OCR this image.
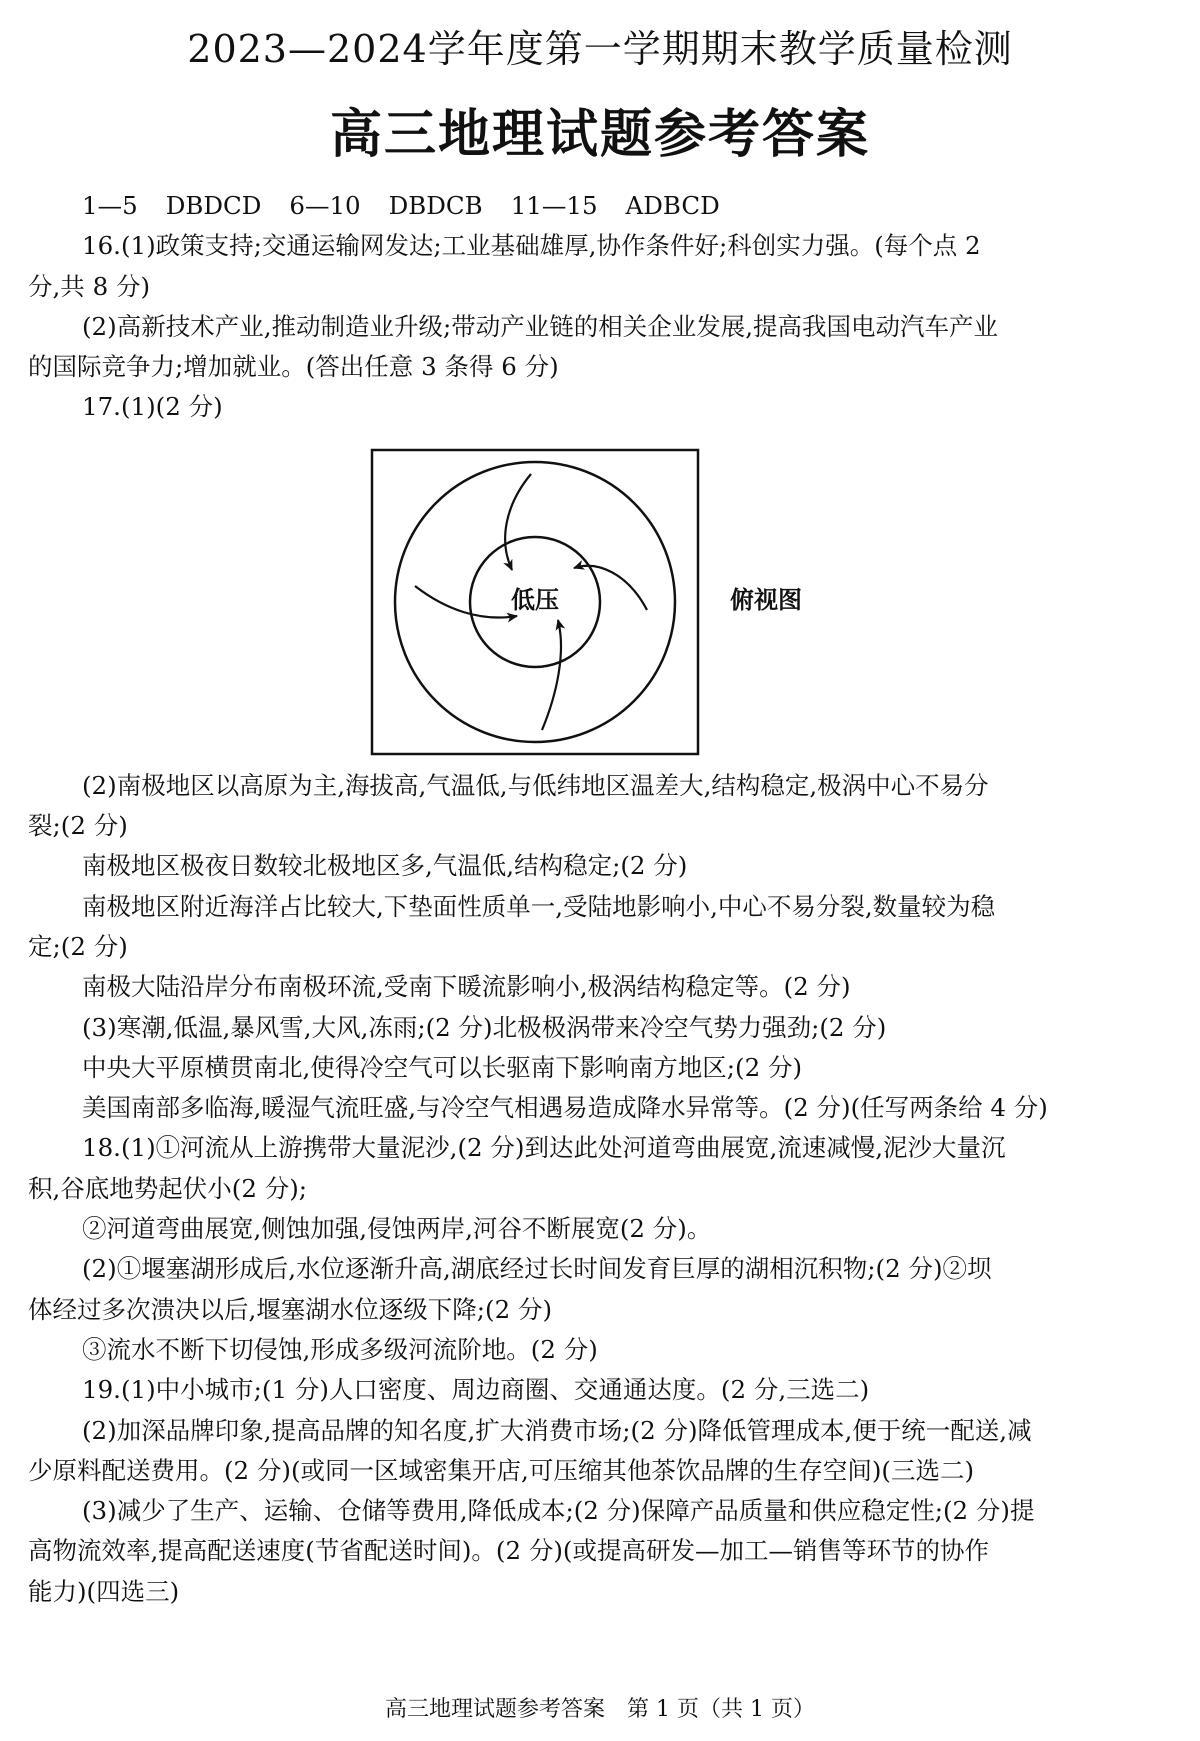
2023—2024学年度第一学期期末教学质量检测
高三地理试题参考答案
1—5 DBDCD 6—10 DBDCB 11—15 ADBCD
16.(1)政策支持;交通运输网发达;工业基础雄厚,协作条件好;科创实力强。(每个点 2
分,共 8 分)
(2)高新技术产业,推动制造业升级;带动产业链的相关企业发展,提高我国电动汽车产业
的国际竞争力;增加就业。(答出任意 3 条得 6 分)
17.(1)(2 分)
低压	俯视图
(2)南极地区以高原为主,海拔高,气温低,与低纬地区温差大,结构稳定,极涡中心不易分
裂;(2 分)
南极地区极夜日数较北极地区多,气温低,结构稳定;(2 分)
南极地区附近海洋占比较大,下垫面性质单一,受陆地影响小,中心不易分裂,数量较为稳
定;(2 分)
南极大陆沿岸分布南极环流,受南下暖流影响小,极涡结构稳定等。(2 分)
(3)寒潮,低温,暴风雪,大风,冻雨;(2 分)北极极涡带来冷空气势力强劲;(2 分)
中央大平原横贯南北,使得冷空气可以长驱南下影响南方地区;(2 分)
美国南部多临海,暖湿气流旺盛,与冷空气相遇易造成降水异常等。(2 分)(任写两条给 4 分)
18.(1)①河流从上游携带大量泥沙,(2 分)到达此处河道弯曲展宽,流速减慢,泥沙大量沉
积,谷底地势起伏小(2 分);
②河道弯曲展宽,侧蚀加强,侵蚀两岸,河谷不断展宽(2 分)。
(2)①堰塞湖形成后,水位逐渐升高,湖底经过长时间发育巨厚的湖相沉积物;(2 分)②坝
体经过多次溃决以后,堰塞湖水位逐级下降;(2 分)
③流水不断下切侵蚀,形成多级河流阶地。(2 分)
19.(1)中小城市;(1 分)人口密度、周边商圈、交通通达度。(2 分,三选二)
(2)加深品牌印象,提高品牌的知名度,扩大消费市场;(2 分)降低管理成本,便于统一配送,减
少原料配送费用。(2 分)(或同一区域密集开店,可压缩其他茶饮品牌的生存空间)(三选二)
(3)减少了生产、运输、仓储等费用,降低成本;(2 分)保障产品质量和供应稳定性;(2 分)提
高物流效率,提高配送速度(节省配送时间)。(2 分)(或提高研发—加工—销售等环节的协作
能力)(四选三)
高三地理试题参考答案　第 1 页（共 1 页）
